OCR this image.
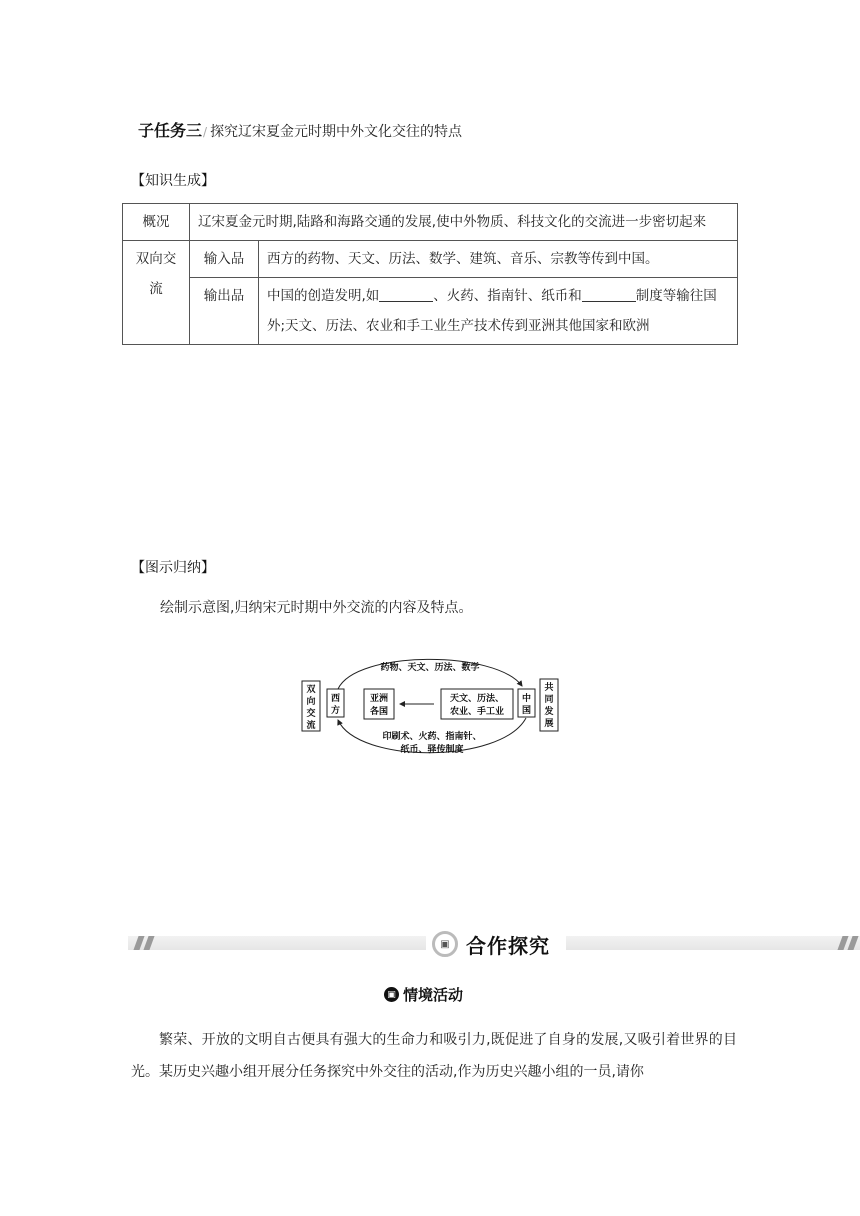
子任务三 / 探究辽宋夏金元时期中外文化交往的特点
【知识生成】
概况	辽宋夏金元时期,陆路和海路交通的发展,使中外物质、科技文化的交流进一步密切起来	
双向交流	输入品	西方的药物、天文、历法、数学、建筑、音乐、宗教等传到中国。
	输出品	中国的创造发明,如 、火药、指南针、纸币和 制度等输往国外;天文、历法、农业和手工业生产技术传到亚洲其他国家和欧洲
【图示归纳】
绘制示意图,归纳宋元时期中外交流的内容及特点。
双
向
交
流
西
方
药物、天文、历法、数学
印刷术、火药、指南针、
纸币、驿传制度
亚洲
各国
天文、历法、
农业、手工业
中
国
共
同
发
展
▣ 合作探究
▣ 情境活动
繁荣、开放的文明自古便具有强大的生命力和吸引力,既促进了自身的发展,又吸引着世界的目光。某历史兴趣小组开展分任务探究中外交往的活动,作为历史兴趣小组的一员,请你
